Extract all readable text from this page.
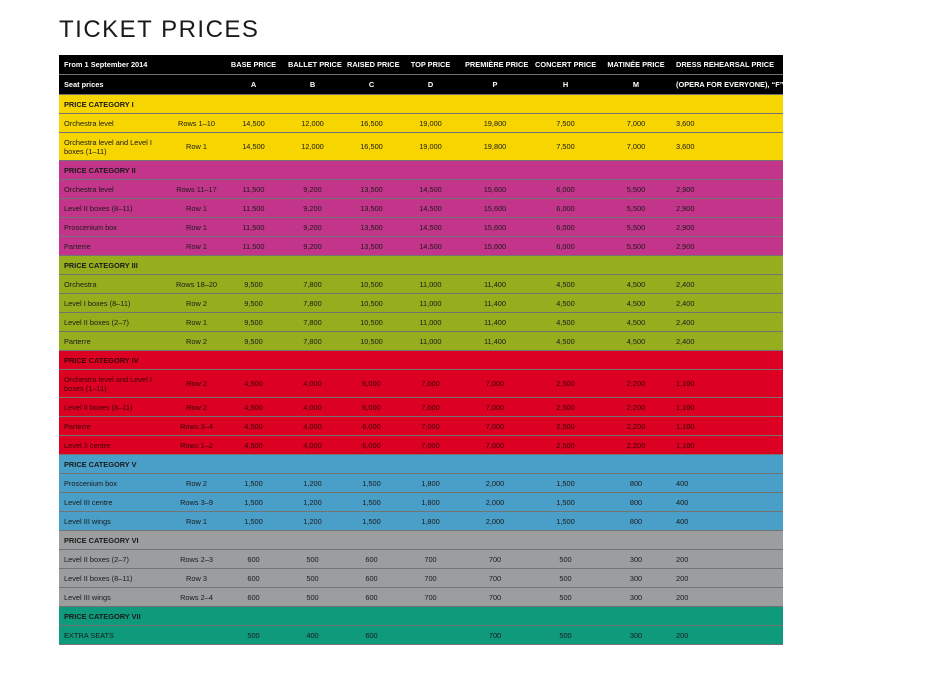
TICKET PRICES
From 1 September 2014		BASE PRICE	BALLET PRICE	RAISED PRICE	TOP PRICE	PREMIÈRE PRICE	CONCERT PRICE	MATINÉE PRICE	DRESS REHEARSAL PRICE
Seat prices		A	B	C	D	P	H	M	(OPERA FOR EVERYONE), “F”
PRICE CATEGORY I									
Orchestra level	Rows 1–10	14,500	12,000	16,500	19,000	19,800	7,500	7,000	3,600
Orchestra level and Level I boxes (1–11)	Row 1	14,500	12,000	16,500	19,000	19,800	7,500	7,000	3,600
PRICE CATEGORY II									
Orchestra level	Rows 11–17	11,500	9,200	13,500	14,500	15,600	6,000	5,500	2,900
Level II boxes (8–11)	Row 1	11,500	9,200	13,500	14,500	15,600	6,000	5,500	2,900
Proscenium box	Row 1	11,500	9,200	13,500	14,500	15,600	6,000	5,500	2,900
Parterre	Row 1	11,500	9,200	13,500	14,500	15,600	6,000	5,500	2,900
PRICE CATEGORY III									
Orchestra	Rows 18–20	9,500	7,800	10,500	11,000	11,400	4,500	4,500	2,400
Level I boxes (8–11)	Row 2	9,500	7,800	10,500	11,000	11,400	4,500	4,500	2,400
Level II boxes (2–7)	Row 1	9,500	7,800	10,500	11,000	11,400	4,500	4,500	2,400
Parterre	Row 2	9,500	7,800	10,500	11,000	11,400	4,500	4,500	2,400
PRICE CATEGORY IV									
Orchestra level and Level I boxes (1–11)	Row 2	4,500	4,000	6,000	7,000	7,000	2,500	2,200	1,100
Level II boxes (8–11)	Row 2	4,500	4,000	6,000	7,000	7,000	2,500	2,200	1,100
Parterre	Rows 3–4	4,500	4,000	6,000	7,000	7,000	2,500	2,200	1,100
Level 3 centre	Rows 1–2	4,500	4,000	6,000	7,000	7,000	2,500	2,200	1,100
PRICE CATEGORY V									
Proscenium box	Row 2	1,500	1,200	1,500	1,800	2,000	1,500	800	400
Level III centre	Rows 3–9	1,500	1,200	1,500	1,800	2,000	1,500	800	400
Level III wings	Row 1	1,500	1,200	1,500	1,800	2,000	1,500	800	400
PRICE CATEGORY VI									
Level II boxes (2–7)	Rows 2–3	600	500	600	700	700	500	300	200
Level II boxes (8–11)	Row 3	600	500	600	700	700	500	300	200
Level III wings	Rows 2–4	600	500	600	700	700	500	300	200
PRICE CATEGORY VII									
EXTRA SEATS		500	400	600		700	500	300	200
